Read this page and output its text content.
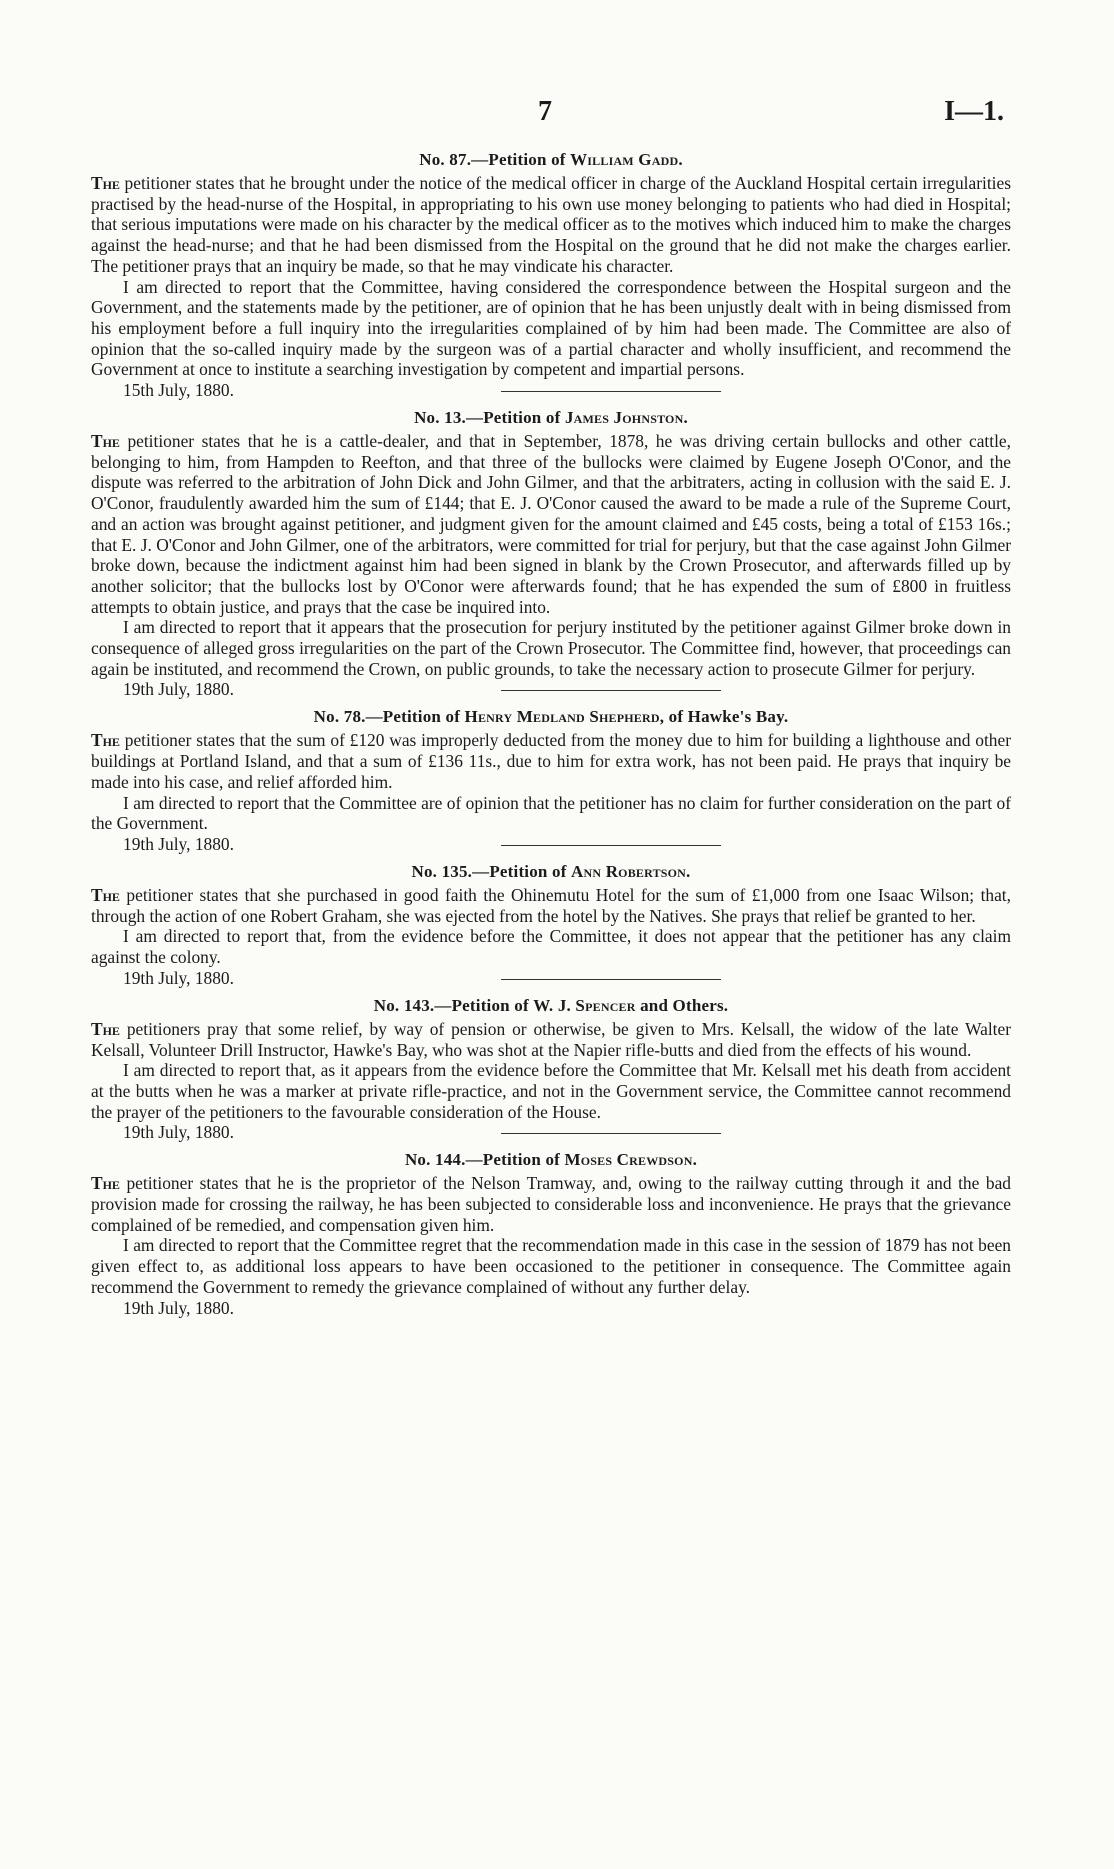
7	I—1.

No. 87.—Petition of William Gadd.

The petitioner states that he brought under the notice of the medical officer in charge of the Auckland Hospital certain irregularities practised by the head-nurse of the Hospital, in appropriating to his own use money belonging to patients who had died in Hospital; that serious imputations were made on his character by the medical officer as to the motives which induced him to make the charges against the head-nurse; and that he had been dismissed from the Hospital on the ground that he did not make the charges earlier. The petitioner prays that an inquiry be made, so that he may vindicate his character.

I am directed to report that the Committee, having considered the correspondence between the Hospital surgeon and the Government, and the statements made by the petitioner, are of opinion that he has been unjustly dealt with in being dismissed from his employment before a full inquiry into the irregularities complained of by him had been made. The Committee are also of opinion that the so-called inquiry made by the surgeon was of a partial character and wholly insufficient, and recommend the Government at once to institute a searching investigation by competent and impartial persons.

15th July, 1880.

No. 13.—Petition of James Johnston.

The petitioner states that he is a cattle-dealer, and that in September, 1878, he was driving certain bullocks and other cattle, belonging to him, from Hampden to Reefton, and that three of the bullocks were claimed by Eugene Joseph O'Conor, and the dispute was referred to the arbitration of John Dick and John Gilmer, and that the arbitraters, acting in collusion with the said E. J. O'Conor, fraudulently awarded him the sum of £144; that E. J. O'Conor caused the award to be made a rule of the Supreme Court, and an action was brought against petitioner, and judgment given for the amount claimed and £45 costs, being a total of £153 16s.; that E. J. O'Conor and John Gilmer, one of the arbitrators, were committed for trial for perjury, but that the case against John Gilmer broke down, because the indictment against him had been signed in blank by the Crown Prosecutor, and afterwards filled up by another solicitor; that the bullocks lost by O'Conor were afterwards found; that he has expended the sum of £800 in fruitless attempts to obtain justice, and prays that the case be inquired into.

I am directed to report that it appears that the prosecution for perjury instituted by the petitioner against Gilmer broke down in consequence of alleged gross irregularities on the part of the Crown Prosecutor. The Committee find, however, that proceedings can again be instituted, and recommend the Crown, on public grounds, to take the necessary action to prosecute Gilmer for perjury.

19th July, 1880.

No. 78.—Petition of Henry Medland Shepherd, of Hawke's Bay.

The petitioner states that the sum of £120 was improperly deducted from the money due to him for building a lighthouse and other buildings at Portland Island, and that a sum of £136 11s., due to him for extra work, has not been paid. He prays that inquiry be made into his case, and relief afforded him.

I am directed to report that the Committee are of opinion that the petitioner has no claim for further consideration on the part of the Government.

19th July, 1880.

No. 135.—Petition of Ann Robertson.

The petitioner states that she purchased in good faith the Ohinemutu Hotel for the sum of £1,000 from one Isaac Wilson; that, through the action of one Robert Graham, she was ejected from the hotel by the Natives. She prays that relief be granted to her.

I am directed to report that, from the evidence before the Committee, it does not appear that the petitioner has any claim against the colony.

19th July, 1880.

No. 143.—Petition of W. J. Spencer and Others.

The petitioners pray that some relief, by way of pension or otherwise, be given to Mrs. Kelsall, the widow of the late Walter Kelsall, Volunteer Drill Instructor, Hawke's Bay, who was shot at the Napier rifle-butts and died from the effects of his wound.

I am directed to report that, as it appears from the evidence before the Committee that Mr. Kelsall met his death from accident at the butts when he was a marker at private rifle-practice, and not in the Government service, the Committee cannot recommend the prayer of the petitioners to the favourable consideration of the House.

19th July, 1880.

No. 144.—Petition of Moses Crewdson.

The petitioner states that he is the proprietor of the Nelson Tramway, and, owing to the railway cutting through it and the bad provision made for crossing the railway, he has been subjected to considerable loss and inconvenience. He prays that the grievance complained of be remedied, and compensation given him.

I am directed to report that the Committee regret that the recommendation made in this case in the session of 1879 has not been given effect to, as additional loss appears to have been occasioned to the petitioner in consequence. The Committee again recommend the Government to remedy the grievance complained of without any further delay.

19th July, 1880.
